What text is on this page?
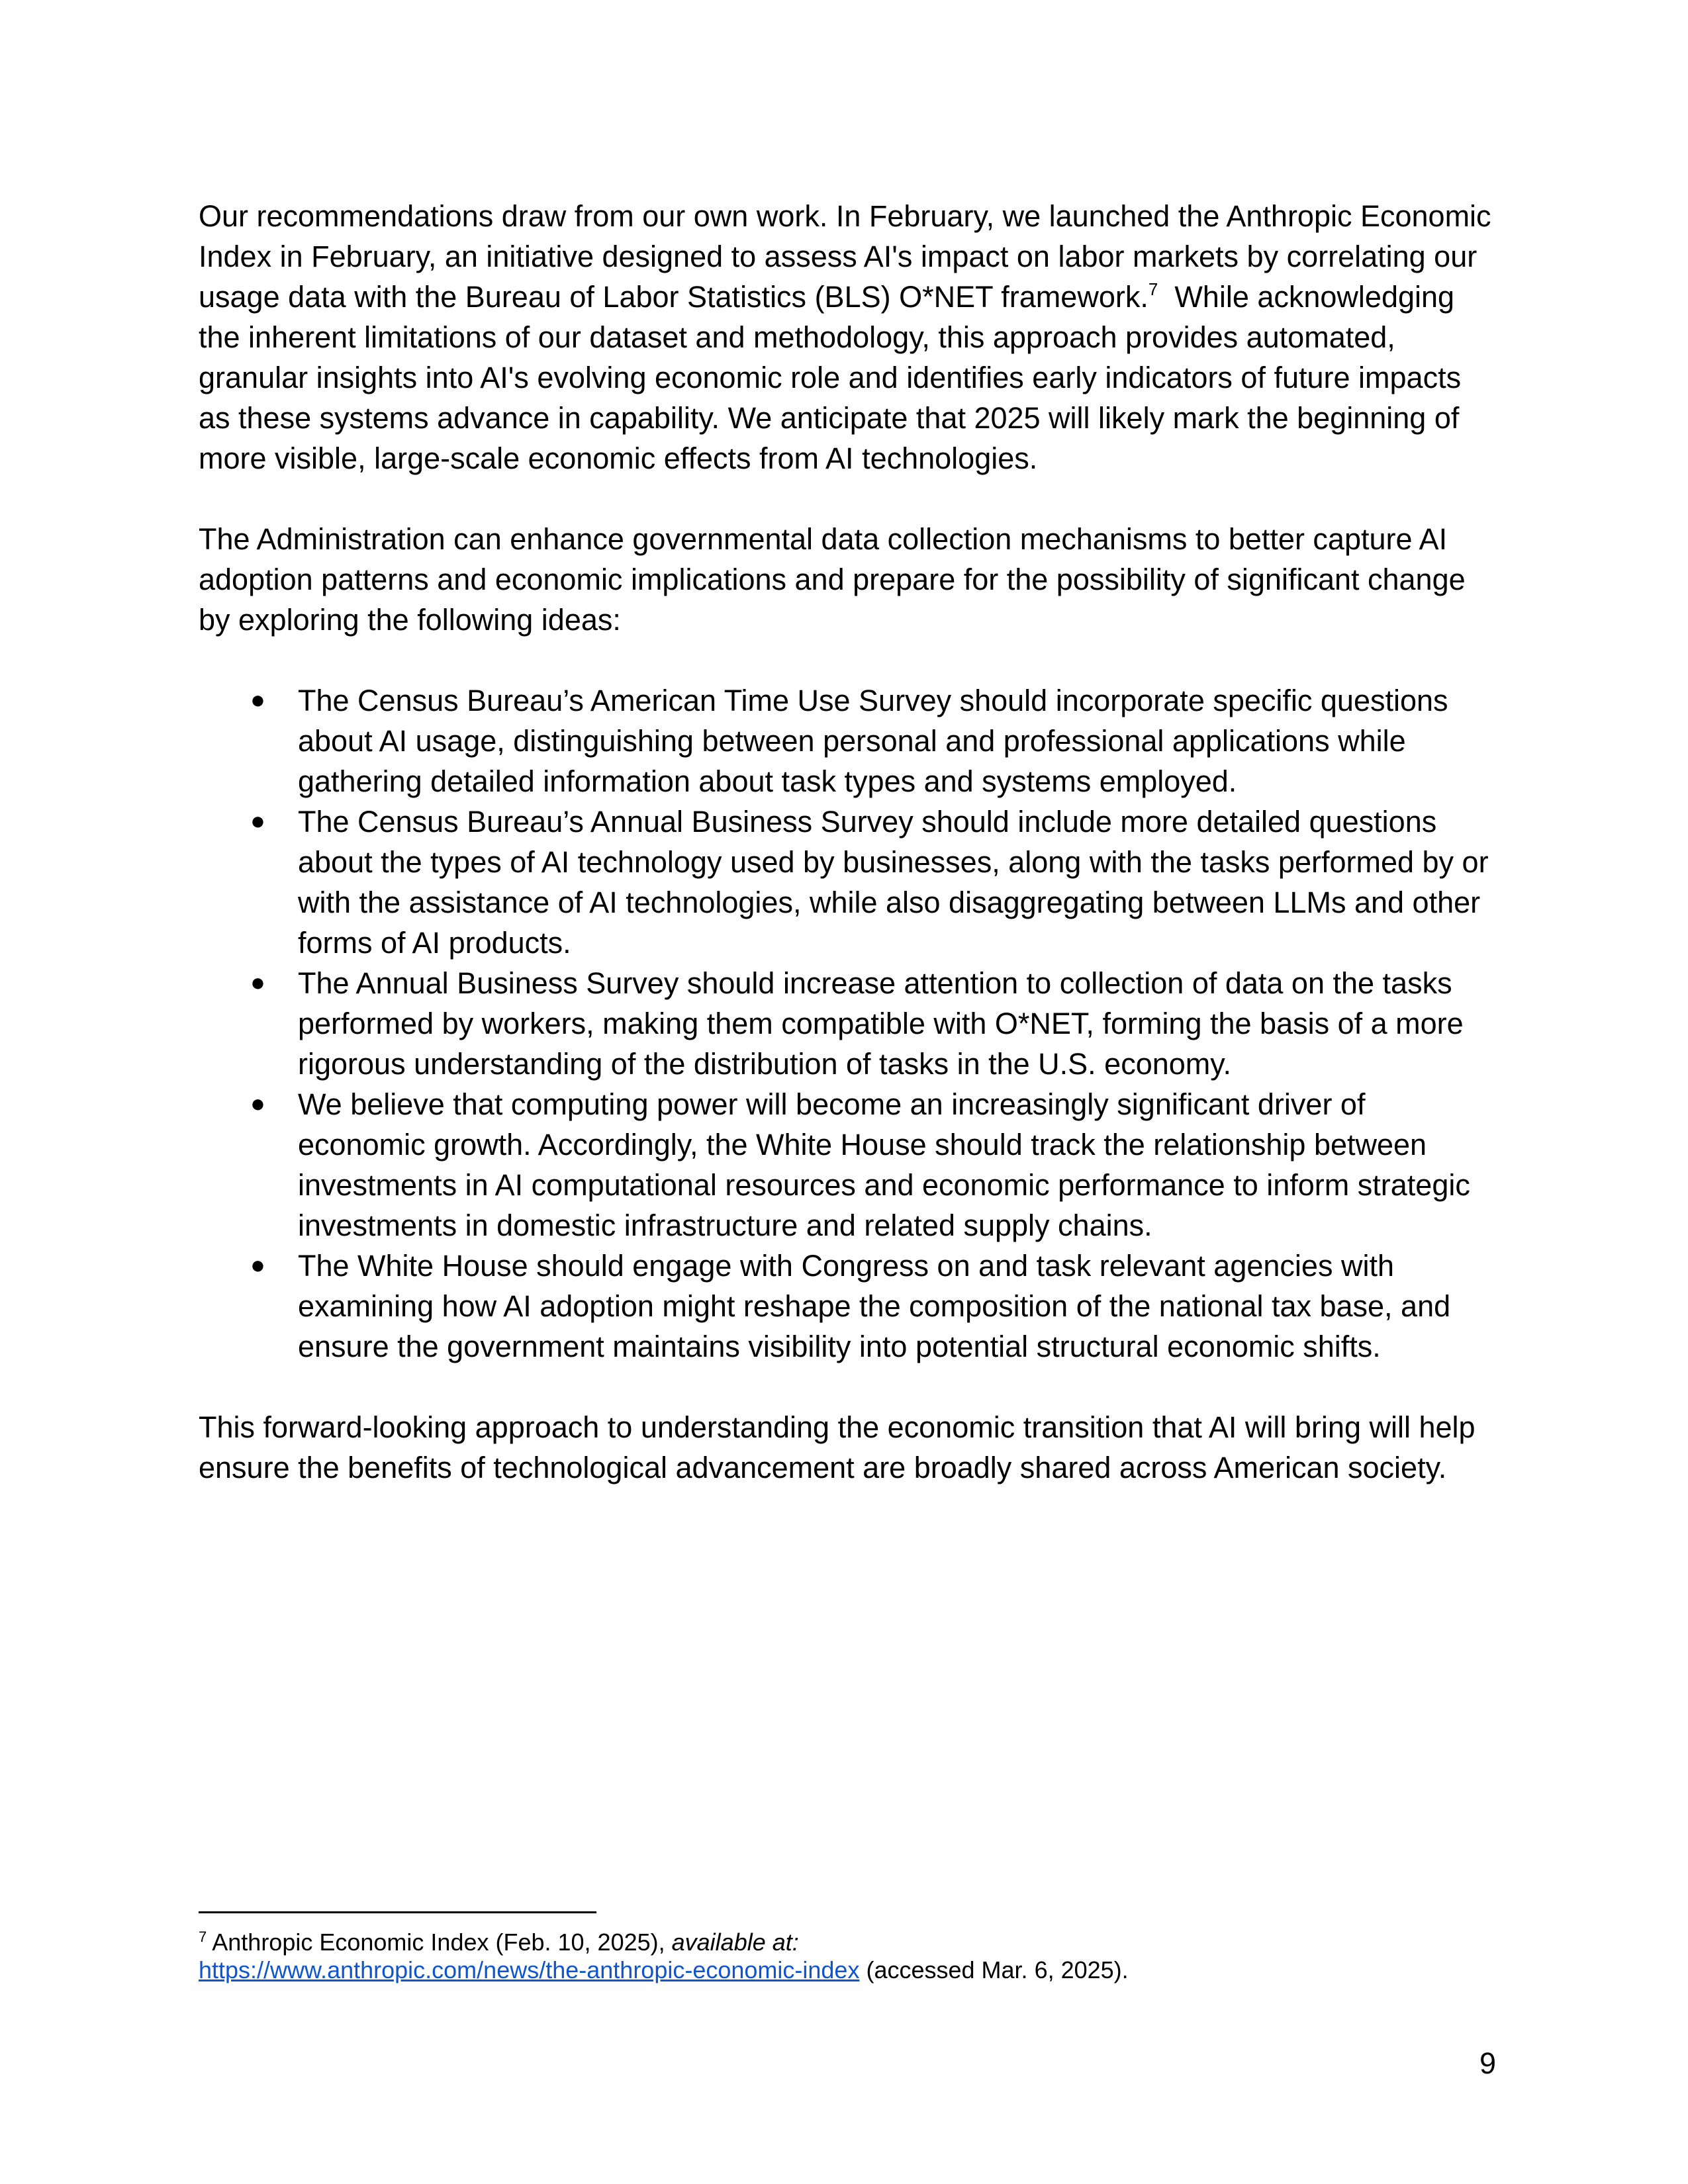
Our recommendations draw from our own work. In February, we launched the Anthropic Economic Index in February, an initiative designed to assess AI's impact on labor markets by correlating our usage data with the Bureau of Labor Statistics (BLS) O*NET framework.$^7$  While acknowledging the inherent limitations of our dataset and methodology, this approach provides automated, granular insights into AI's evolving economic role and identifies early indicators of future impacts as these systems advance in capability. We anticipate that 2025 will likely mark the beginning of more visible, large-scale economic effects from AI technologies.

The Administration can enhance governmental data collection mechanisms to better capture AI adoption patterns and economic implications and prepare for the possibility of significant change by exploring the following ideas:

● The Census Bureau’s American Time Use Survey should incorporate specific questions about AI usage, distinguishing between personal and professional applications while gathering detailed information about task types and systems employed.
● The Census Bureau’s Annual Business Survey should include more detailed questions about the types of AI technology used by businesses, along with the tasks performed by or with the assistance of AI technologies, while also disaggregating between LLMs and other forms of AI products.
● The Annual Business Survey should increase attention to collection of data on the tasks performed by workers, making them compatible with O*NET, forming the basis of a more rigorous understanding of the distribution of tasks in the U.S. economy.
● We believe that computing power will become an increasingly significant driver of economic growth. Accordingly, the White House should track the relationship between investments in AI computational resources and economic performance to inform strategic investments in domestic infrastructure and related supply chains.
● The White House should engage with Congress on and task relevant agencies with examining how AI adoption might reshape the composition of the national tax base, and ensure the government maintains visibility into potential structural economic shifts.

This forward-looking approach to understanding the economic transition that AI will bring will help ensure the benefits of technological advancement are broadly shared across American society.

$^7$ Anthropic Economic Index (Feb. 10, 2025), available at:
https://www.anthropic.com/news/the-anthropic-economic-index (accessed Mar. 6, 2025).
9
